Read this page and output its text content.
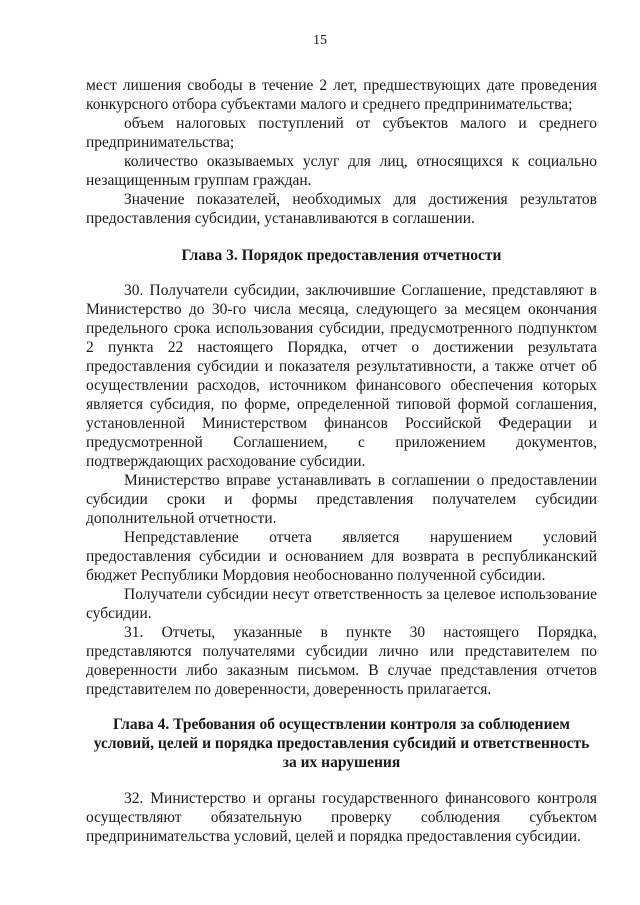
15

мест лишения свободы в течение 2 лет, предшествующих дате проведения конкурсного отбора субъектами малого и среднего предпринимательства;

объем налоговых поступлений от субъектов малого и среднего предпринимательства;

количество оказываемых услуг для лиц, относящихся к социально незащищенным группам граждан.

Значение показателей, необходимых для достижения результатов предоставления субсидии, устанавливаются в соглашении.

Глава 3. Порядок предоставления отчетности

30. Получатели субсидии, заключившие Соглашение, представляют в Министерство до 30-го числа месяца, следующего за месяцем окончания предельного срока использования субсидии, предусмотренного подпунктом 2 пункта 22 настоящего Порядка, отчет о достижении результата предоставления субсидии и показателя результативности, а также отчет об осуществлении расходов, источником финансового обеспечения которых является субсидия, по форме, определенной типовой формой соглашения, установленной Министерством финансов Российской Федерации и предусмотренной Соглашением, с приложением документов, подтверждающих расходование субсидии.

Министерство вправе устанавливать в соглашении о предоставлении субсидии сроки и формы представления получателем субсидии дополнительной отчетности.

Непредставление отчета является нарушением условий предоставления субсидии и основанием для возврата в республиканский бюджет Республики Мордовия необоснованно полученной субсидии.

Получатели субсидии несут ответственность за целевое использование субсидии.

31. Отчеты, указанные в пункте 30 настоящего Порядка, представляются получателями субсидии лично или представителем по доверенности либо заказным письмом. В случае представления отчетов представителем по доверенности, доверенность прилагается.

Глава 4. Требования об осуществлении контроля за соблюдением условий, целей и порядка предоставления субсидий и ответственность за их нарушения

32. Министерство и органы государственного финансового контроля осуществляют обязательную проверку соблюдения субъектом предпринимательства условий, целей и порядка предоставления субсидии.
